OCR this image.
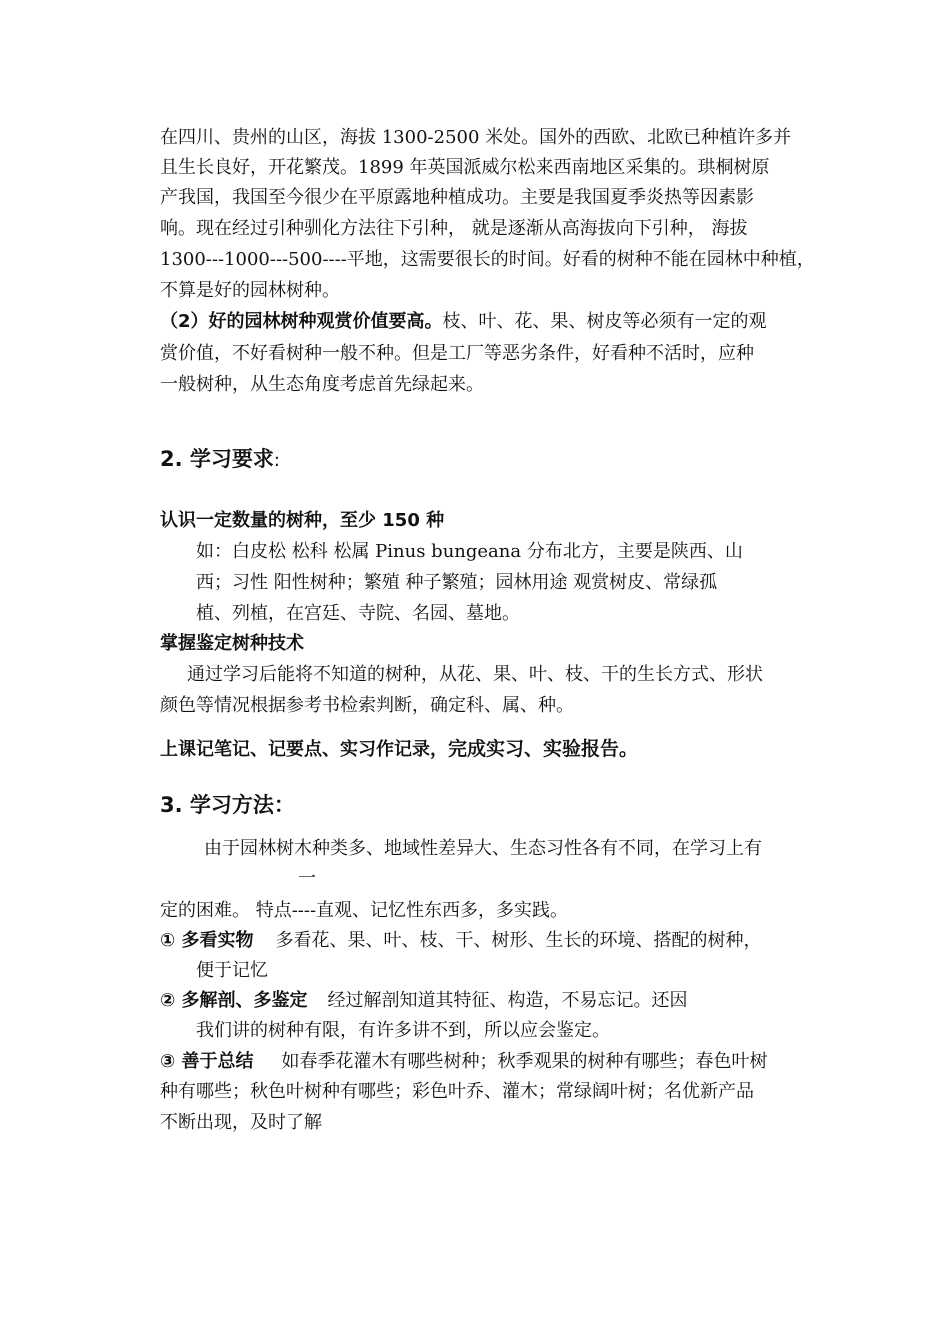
在四川、贵州的山区，海拔 1300-2500 米处。国外的西欧、北欧已种植许多并
且生长良好，开花繁茂。1899 年英国派威尔松来西南地区采集的。珙桐树原
产我国，我国至今很少在平原露地种植成功。主要是我国夏季炎热等因素影
响。现在经过引种驯化方法往下引种， 就是逐渐从高海拔向下引种， 海拔
1300---1000---500----平地，这需要很长的时间。好看的树种不能在园林中种植，
不算是好的园林树种。
（2）好的园林树种观赏价值要高。枝、叶、花、果、树皮等必须有一定的观
赏价值，不好看树种一般不种。但是工厂等恶劣条件，好看种不活时，应种
一般树种，从生态角度考虑首先绿起来。
2. 学习要求:
认识一定数量的树种，至少 150 种
如：白皮松 松科 松属 Pinus bungeana 分布北方，主要是陕西、山
西；习性 阳性树种；繁殖 种子繁殖；园林用途 观赏树皮、常绿孤
植、列植，在宫廷、寺院、名园、墓地。
掌握鉴定树种技术
通过学习后能将不知道的树种，从花、果、叶、枝、干的生长方式、形状
颜色等情况根据参考书检索判断，确定科、属、种。
上课记笔记、记要点、实习作记录，完成实习、实验报告。
3. 学习方法：
由于园林树木种类多、地域性差异大、生态习性各有不同，在学习上有
一
定的困难。 特点----直观、记忆性东西多，多实践。
① 多看实物 多看花、果、叶、枝、干、树形、生长的环境、搭配的树种，
便于记忆
② 多解剖、多鉴定 经过解剖知道其特征、构造，不易忘记。还因
我们讲的树种有限，有许多讲不到，所以应会鉴定。
③ 善于总结 如春季花灌木有哪些树种；秋季观果的树种有哪些；春色叶树
种有哪些；秋色叶树种有哪些；彩色叶乔、灌木；常绿阔叶树；名优新产品
不断出现，及时了解
